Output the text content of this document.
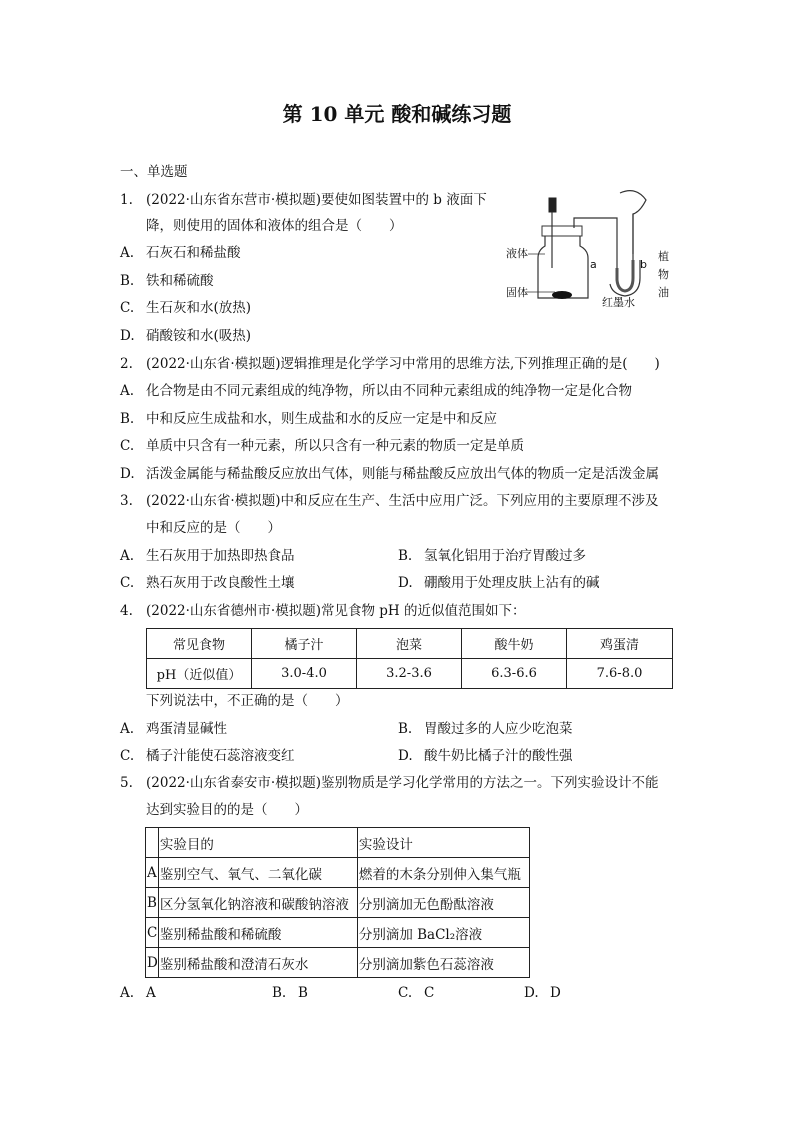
第 10 单元 酸和碱练习题
一、单选题
1. (2022·山东省东营市·模拟题)要使如图装置中的 b 液面下
降，则使用的固体和液体的组合是（　　）
A. 石灰石和稀盐酸
B. 铁和稀硫酸
C. 生石灰和水(放热)
D. 硝酸铵和水(吸热)
液体
固体
a	b
红墨水
植
物
油
2. (2022·山东省·模拟题)逻辑推理是化学学习中常用的思维方法,下列推理正确的是(　　)
A. 化合物是由不同元素组成的纯净物，所以由不同种元素组成的纯净物一定是化合物
B. 中和反应生成盐和水，则生成盐和水的反应一定是中和反应
C. 单质中只含有一种元素，所以只含有一种元素的物质一定是单质
D. 活泼金属能与稀盐酸反应放出气体，则能与稀盐酸反应放出气体的物质一定是活泼金属
3. (2022·山东省·模拟题)中和反应在生产、生活中应用广泛。下列应用的主要原理不涉及
中和反应的是（　　）
A. 生石灰用于加热即热食品	B. 氢氧化铝用于治疗胃酸过多
C. 熟石灰用于改良酸性土壤	D. 硼酸用于处理皮肤上沾有的碱
4. (2022·山东省德州市·模拟题)常见食物 pH 的近似值范围如下：
常见食物	橘子汁	泡菜	酸牛奶	鸡蛋清
pH（近似值）	3.0-4.0	3.2-3.6	6.3-6.6	7.6-8.0
下列说法中，不正确的是（　　）
A. 鸡蛋清显碱性	B. 胃酸过多的人应少吃泡菜
C. 橘子汁能使石蕊溶液变红	D. 酸牛奶比橘子汁的酸性强
5. (2022·山东省泰安市·模拟题)鉴别物质是学习化学常用的方法之一。下列实验设计不能
达到实验目的的是（　　）
	实验目的	实验设计
A	鉴别空气、氧气、二氧化碳	燃着的木条分别伸入集气瓶
B	区分氢氧化钠溶液和碳酸钠溶液	分别滴加无色酚酞溶液
C	鉴别稀盐酸和稀硫酸	分别滴加 BaCl₂溶液
D	鉴别稀盐酸和澄清石灰水	分别滴加紫色石蕊溶液
A. A	B. B	C. C	D. D
